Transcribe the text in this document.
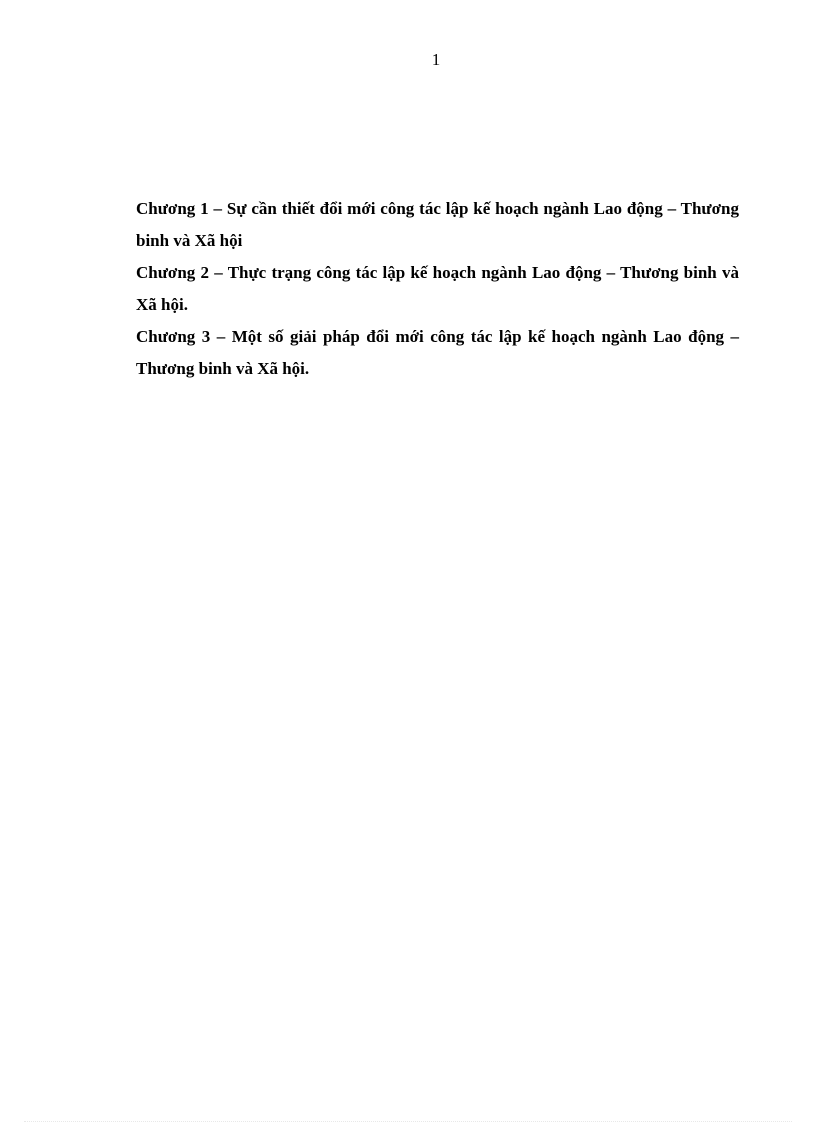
1
Chương 1 – Sự cần thiết đổi mới công tác lập kế hoạch ngành Lao động – Thương binh và Xã hội
Chương 2 – Thực trạng công tác lập kế hoạch ngành Lao động – Thương binh và Xã hội.
Chương 3 – Một số giải pháp đổi mới công tác lập kế hoạch ngành Lao động – Thương binh và Xã hội.
